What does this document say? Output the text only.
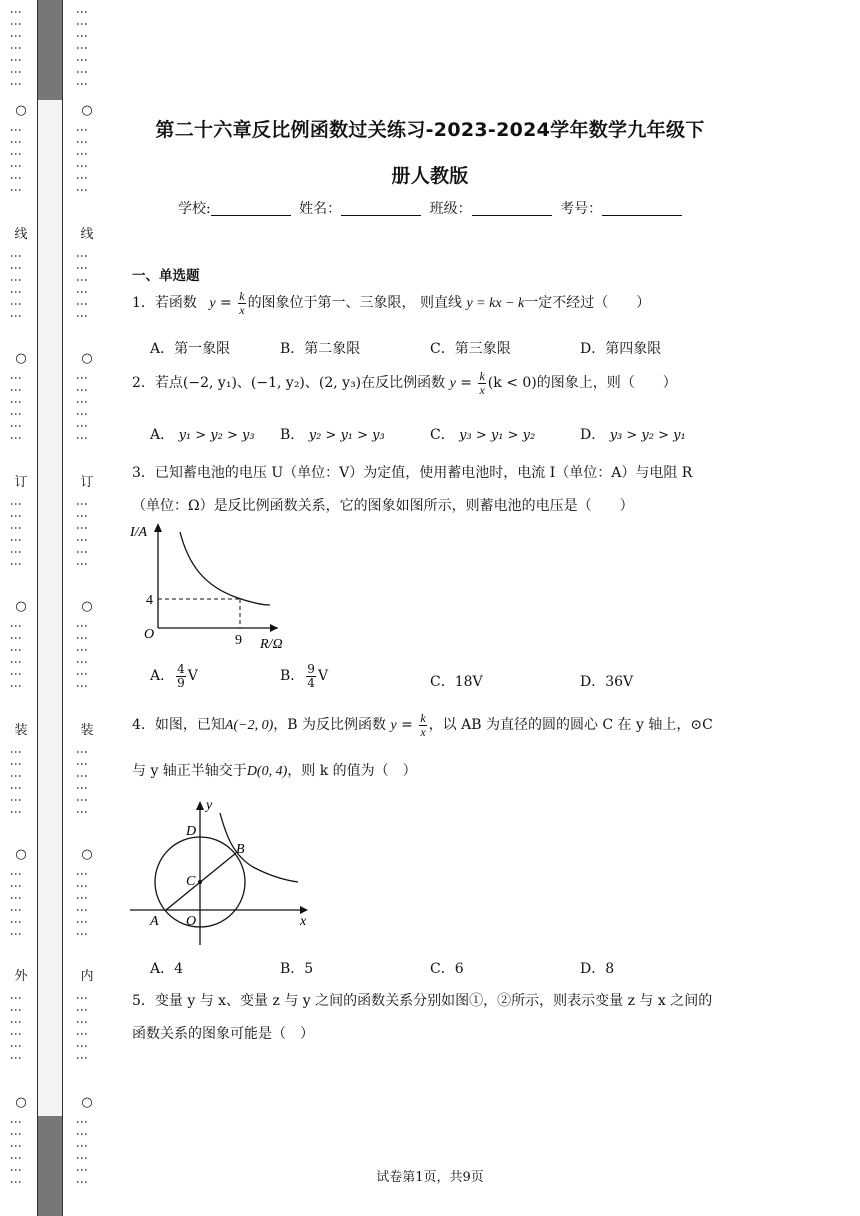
⋮
⋮
⋮
⋮
⋮
⋮
⋮
○
⋮
⋮
⋮
⋮
⋮
⋮
线
⋮
⋮
⋮
⋮
⋮
⋮
○
⋮
⋮
⋮
⋮
⋮
⋮
订
⋮
⋮
⋮
⋮
⋮
⋮
○
⋮
⋮
⋮
⋮
⋮
⋮
装
⋮
⋮
⋮
⋮
⋮
⋮
○
⋮
⋮
⋮
⋮
⋮
⋮
外
⋮
⋮
⋮
⋮
⋮
⋮
○
⋮
⋮
⋮
⋮
⋮
⋮
⋮
⋮
⋮
⋮
⋮
⋮
⋮
○
⋮
⋮
⋮
⋮
⋮
⋮
线
⋮
⋮
⋮
⋮
⋮
⋮
○
⋮
⋮
⋮
⋮
⋮
⋮
订
⋮
⋮
⋮
⋮
⋮
⋮
○
⋮
⋮
⋮
⋮
⋮
⋮
装
⋮
⋮
⋮
⋮
⋮
⋮
○
⋮
⋮
⋮
⋮
⋮
⋮
内
⋮
⋮
⋮
⋮
⋮
⋮
○
⋮
⋮
⋮
⋮
⋮
⋮
第二十六章反比例函数过关练习-2023-2024学年数学九年级下
册人教版
学校:	姓名：	班级：	考号：
一、单选题
1．若函数 $y = \frac{k}{x}$ 的图象位于第一、三象限， 则直线 y = kx − k一定不经过（　　）
A．第一象限	B．第二象限	C．第三象限	D．第四象限
2．若点(−2, y₁)、(−1, y₂)、(2, y₃)在反比例函数 $y = \frac{k}{x} (k < 0)$的图象上，则（　　）
A． y₁ > y₂ > y₃ B． y₂ > y₁ > y₃	C． y₃ > y₁ > y₂	D． y₃ > y₂ > y₁
3．已知蓄电池的电压 U（单位：V）为定值，使用蓄电池时，电流 I（单位：A）与电阻 R
（单位：Ω）是反比例函数关系，它的图象如图所示，则蓄电池的电压是（　　）
I/A
O
4
9 R/Ω
A． $\frac{4}{9}$ V	B． $\frac{9}{4}$ V	C．18V	D．36V
4．如图，已知A(−2, 0)，B 为反比例函数 $y = \frac{k}{x}$ ，以 AB 为直径的圆的圆心 C 在 y 轴上，⊙C
与 y 轴正半轴交于D(0, 4)，则 k 的值为（　）
y
x
D
B
C
A O
A．4	B．5	C．6	D．8
5．变量 y 与 x、变量 z 与 y 之间的函数关系分别如图①，②所示，则表示变量 z 与 x 之间的
函数关系的图象可能是（　）
试卷第1页，共9页
